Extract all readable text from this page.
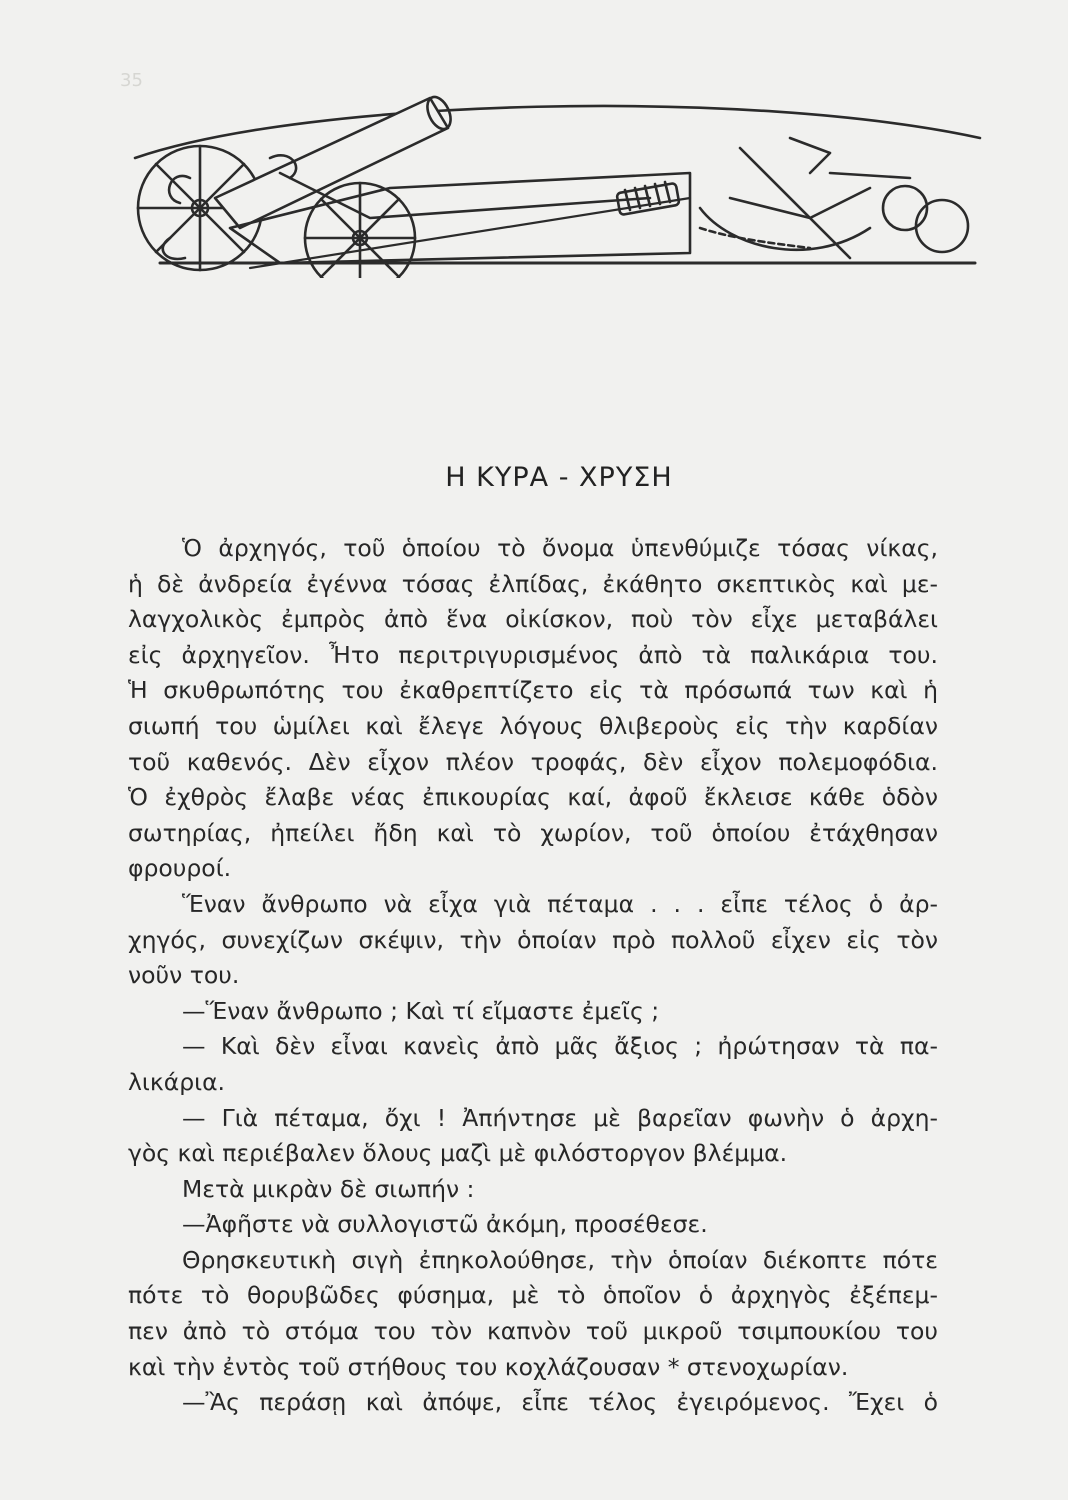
35
Η ΚΥΡΑ - ΧΡΥΣΗ
Ὁ ἀρχηγός, τοῦ ὁποίου τὸ ὄνομα ὑπενθύμιζε τόσας νίκας,
ἡ δὲ ἀνδρεία ἐγέννα τόσας ἐλπίδας, ἐκάθητο σκεπτικὸς καὶ με-
λαγχολικὸς ἐμπρὸς ἀπὸ ἕνα οἰκίσκον, ποὺ τὸν εἶχε μεταβάλει
εἰς ἀρχηγεῖον. Ἦτο περιτριγυρισμένος ἀπὸ τὰ παλικάρια του.
Ἡ σκυθρωπότης του ἐκαθρεπτίζετο εἰς τὰ πρόσωπά των καὶ ἡ
σιωπή του ὡμίλει καὶ ἔλεγε λόγους θλιβεροὺς εἰς τὴν καρδίαν
τοῦ καθενός. Δὲν εἶχον πλέον τροφάς, δὲν εἶχον πολεμοφόδια.
Ὁ ἐχθρὸς ἔλαβε νέας ἐπικουρίας καί, ἀφοῦ ἔκλεισε κάθε ὁδὸν
σωτηρίας, ἠπείλει ἤδη καὶ τὸ χωρίον, τοῦ ὁποίου ἐτάχθησαν
φρουροί.
Ἕναν ἄνθρωπο νὰ εἶχα γιὰ πέταμα . . . εἶπε τέλος ὁ ἀρ-
χηγός, συνεχίζων σκέψιν, τὴν ὁποίαν πρὸ πολλοῦ εἶχεν εἰς τὸν
νοῦν του.
—Ἕναν ἄνθρωπο ; Καὶ τί εἴμαστε ἐμεῖς ;
— Καὶ δὲν εἶναι κανεὶς ἀπὸ μᾶς ἄξιος ; ἠρώτησαν τὰ πα-
λικάρια.
— Γιὰ πέταμα, ὄχι ! Ἀπήντησε μὲ βαρεῖαν φωνὴν ὁ ἀρχη-
γὸς καὶ περιέβαλεν ὅλους μαζὶ μὲ φιλόστοργον βλέμμα.
Μετὰ μικρὰν δὲ σιωπήν :
—Ἀφῆστε νὰ συλλογιστῶ ἀκόμη, προσέθεσε.
Θρησκευτικὴ σιγὴ ἐπηκολούθησε, τὴν ὁποίαν διέκοπτε πότε
πότε τὸ θορυβῶδες φύσημα, μὲ τὸ ὁποῖον ὁ ἀρχηγὸς ἐξέπεμ-
πεν ἀπὸ τὸ στόμα του τὸν καπνὸν τοῦ μικροῦ τσιμπουκίου του
καὶ τὴν ἐντὸς τοῦ στήθους του κοχλάζουσαν * στενοχωρίαν.
—Ἂς περάσῃ καὶ ἀπόψε, εἶπε τέλος ἐγειρόμενος. Ἔχει ὁ
